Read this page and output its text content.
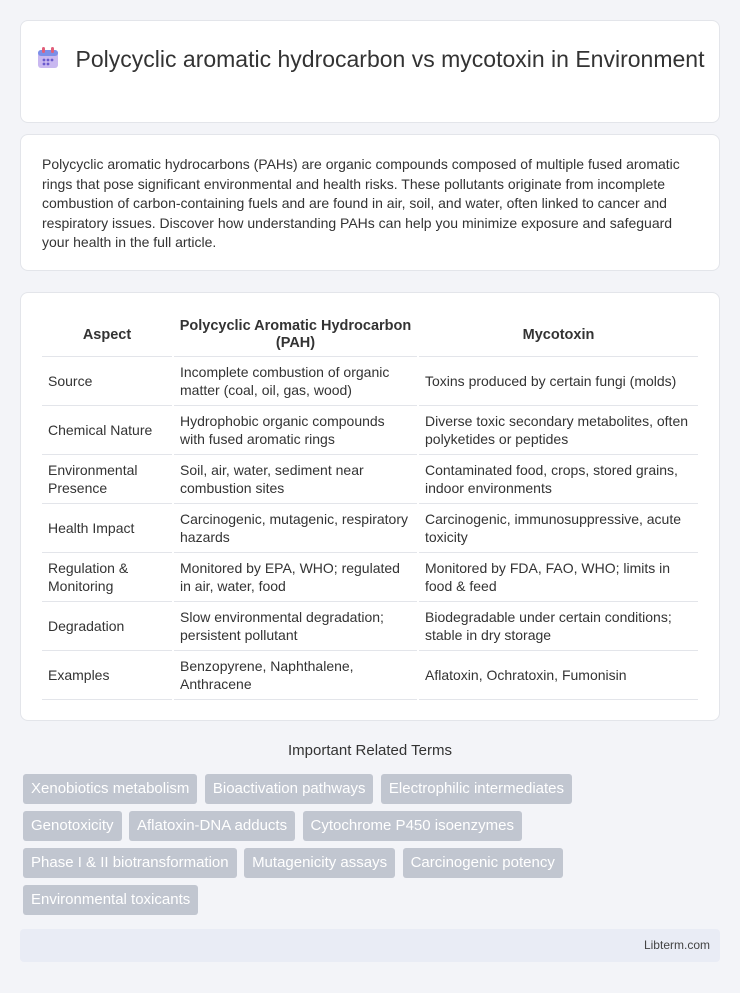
Polycyclic aromatic hydrocarbon vs mycotoxin in Environment

Polycyclic aromatic hydrocarbons (PAHs) are organic compounds composed of multiple fused aromatic rings that pose significant environmental and health risks. These pollutants originate from incomplete combustion of carbon-containing fuels and are found in air, soil, and water, often linked to cancer and respiratory issues. Discover how understanding PAHs can help you minimize exposure and safeguard your health in the full article.

Aspect	Polycyclic Aromatic Hydrocarbon (PAH)	Mycotoxin
Source	Incomplete combustion of organic matter (coal, oil, gas, wood)	Toxins produced by certain fungi (molds)
Chemical Nature	Hydrophobic organic compounds with fused aromatic rings	Diverse toxic secondary metabolites, often polyketides or peptides
Environmental Presence	Soil, air, water, sediment near combustion sites	Contaminated food, crops, stored grains, indoor environments
Health Impact	Carcinogenic, mutagenic, respiratory hazards	Carcinogenic, immunosuppressive, acute toxicity
Regulation & Monitoring	Monitored by EPA, WHO; regulated in air, water, food	Monitored by FDA, FAO, WHO; limits in food & feed
Degradation	Slow environmental degradation; persistent pollutant	Biodegradable under certain conditions; stable in dry storage
Examples	Benzopyrene, Naphthalene, Anthracene	Aflatoxin, Ochratoxin, Fumonisin
Important Related Terms
Xenobiotics metabolism Bioactivation pathways Electrophilic intermediates Genotoxicity Aflatoxin-DNA adducts Cytochrome P450 isoenzymes Phase I & II biotransformation Mutagenicity assays Carcinogenic potency Environmental toxicants
Libterm.com
